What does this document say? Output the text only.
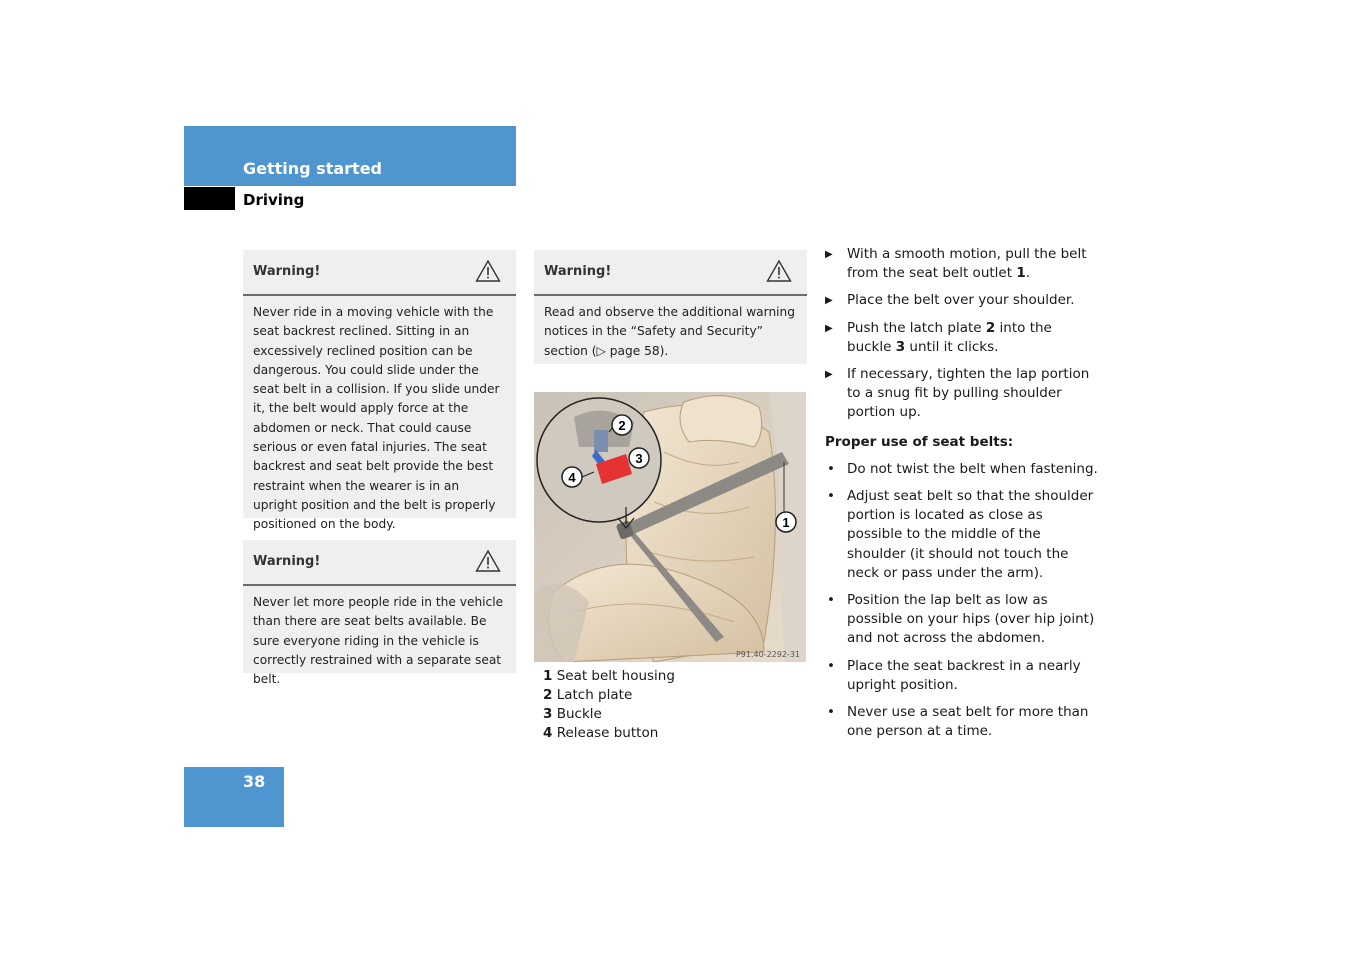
Getting started
Driving
Warning!
Never ride in a moving vehicle with the seat backrest reclined. Sitting in an excessively reclined position can be dangerous. You could slide under the seat belt in a collision. If you slide under it, the belt would apply force at the abdomen or neck. That could cause serious or even fatal injuries. The seat backrest and seat belt provide the best restraint when the wearer is in an upright position and the belt is properly positioned on the body.
Warning!
Never let more people ride in the vehicle than there are seat belts available. Be sure everyone riding in the vehicle is correctly restrained with a separate seat belt.
Warning!
Read and observe the additional warning notices in the “Safety and Security” section (▷ page 58).
2
3
4
1
P91.40-2292-31
1 Seat belt housing
2 Latch plate
3 Buckle
4 Release button
▶ With a smooth motion, pull the belt from the seat belt outlet 1.
▶ Place the belt over your shoulder.
▶ Push the latch plate 2 into the buckle 3 until it clicks.
▶ If necessary, tighten the lap portion to a snug fit by pulling shoulder portion up.
Proper use of seat belts:
• Do not twist the belt when fastening.
• Adjust seat belt so that the shoulder portion is located as close as possible to the middle of the shoulder (it should not touch the neck or pass under the arm).
• Position the lap belt as low as possible on your hips (over hip joint) and not across the abdomen.
• Place the seat backrest in a nearly upright position.
• Never use a seat belt for more than one person at a time.
38
